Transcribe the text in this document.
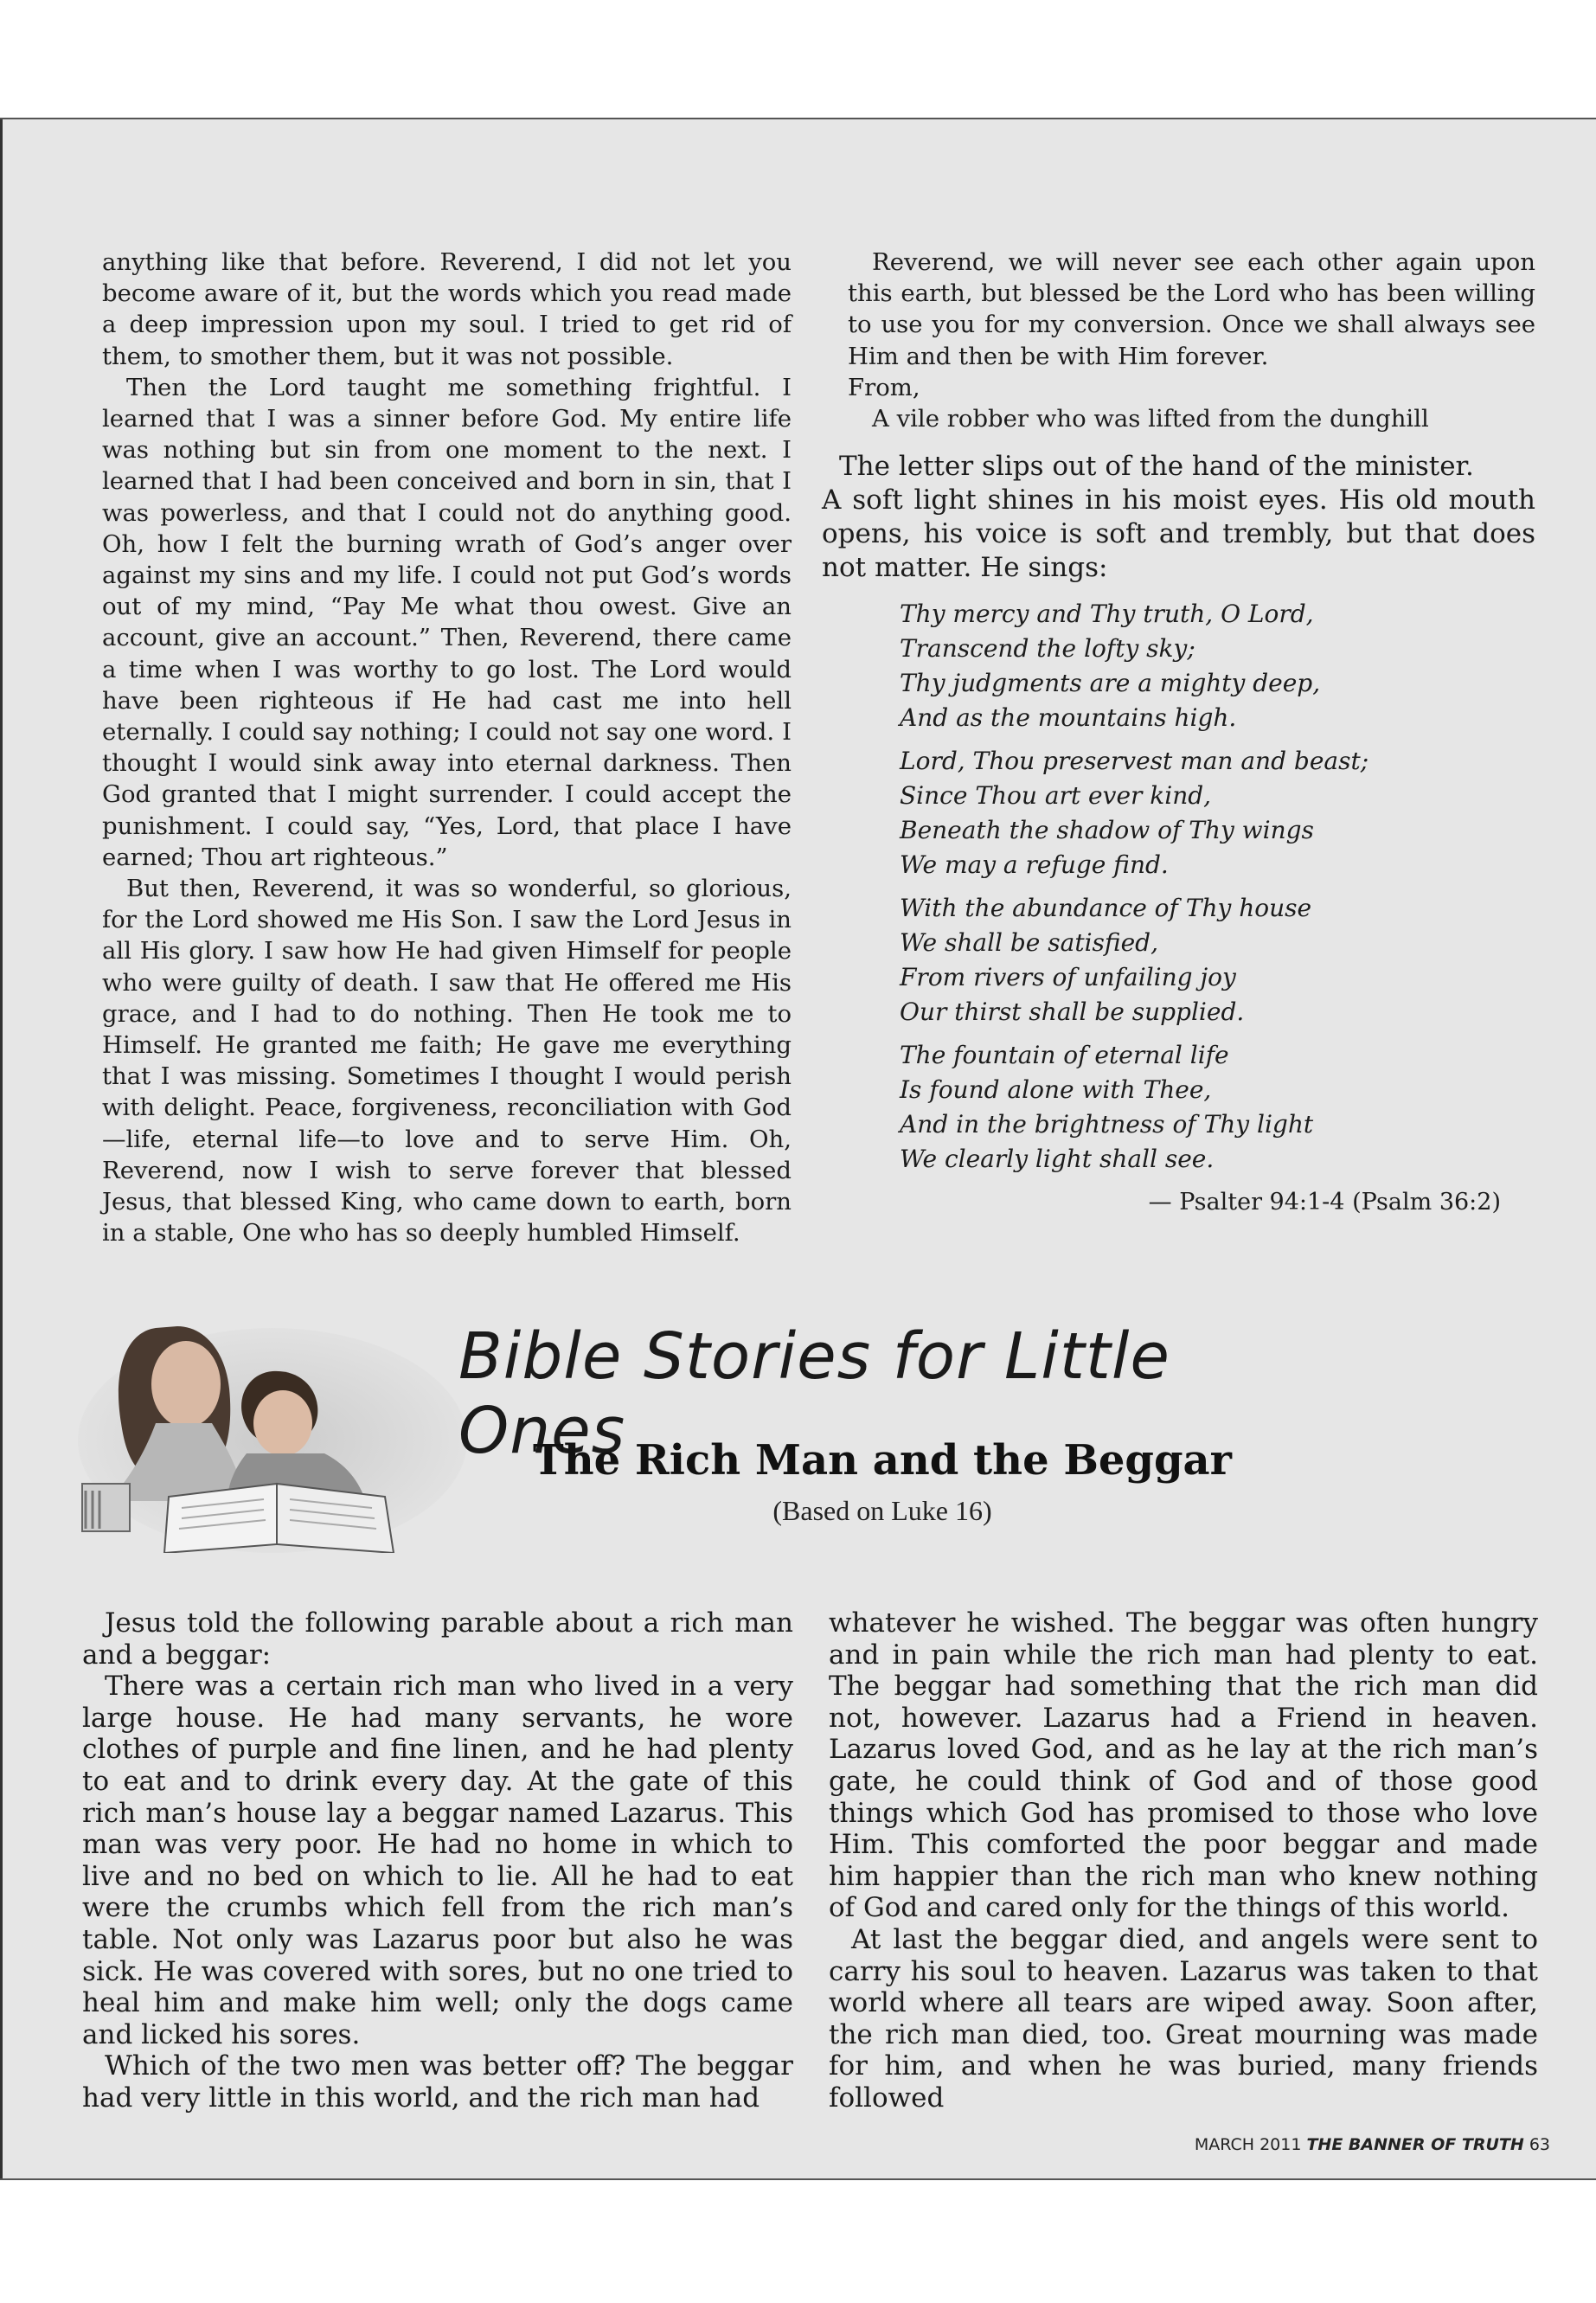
anything like that before. Reverend, I did not let you become aware of it, but the words which you read made a deep impression upon my soul. I tried to get rid of them, to smother them, but it was not possible.

Then the Lord taught me something frightful. I learned that I was a sinner before God. My entire life was nothing but sin from one moment to the next. I learned that I had been conceived and born in sin, that I was powerless, and that I could not do anything good. Oh, how I felt the burning wrath of God’s anger over against my sins and my life. I could not put God’s words out of my mind, “Pay Me what thou owest. Give an account, give an account.” Then, Reverend, there came a time when I was worthy to go lost. The Lord would have been righteous if He had cast me into hell eternally. I could say nothing; I could not say one word. I thought I would sink away into eternal darkness. Then God granted that I might surrender. I could accept the punishment. I could say, “Yes, Lord, that place I have earned; Thou art righteous.”

But then, Reverend, it was so wonderful, so glorious, for the Lord showed me His Son. I saw the Lord Jesus in all His glory. I saw how He had given Himself for people who were guilty of death. I saw that He offered me His grace, and I had to do nothing. Then He took me to Himself. He granted me faith; He gave me everything that I was missing. Sometimes I thought I would perish with delight. Peace, forgiveness, reconciliation with God—life, eternal life—to love and to serve Him. Oh, Reverend, now I wish to serve forever that blessed Jesus, that blessed King, who came down to earth, born in a stable, One who has so deeply humbled Himself.

Reverend, we will never see each other again upon this earth, but blessed be the Lord who has been willing to use you for my conversion. Once we shall always see Him and then be with Him forever.

From,

A vile robber who was lifted from the dunghill

The letter slips out of the hand of the minister.

A soft light shines in his moist eyes. His old mouth opens, his voice is soft and trembly, but that does not matter. He sings:

Thy mercy and Thy truth, O Lord,
Transcend the lofty sky;
Thy judgments are a mighty deep,
And as the mountains high.
Lord, Thou preservest man and beast;
Since Thou art ever kind,
Beneath the shadow of Thy wings
We may a refuge find.
With the abundance of Thy house
We shall be satisfied,
From rivers of unfailing joy
Our thirst shall be supplied.
The fountain of eternal life
Is found alone with Thee,
And in the brightness of Thy light
We clearly light shall see.
— Psalter 94:1-4 (Psalm 36:2)
Bible Stories for Little Ones
The Rich Man and the Beggar
(Based on Luke 16)

Jesus told the following parable about a rich man and a beggar:

There was a certain rich man who lived in a very large house. He had many servants, he wore clothes of purple and fine linen, and he had plenty to eat and to drink every day. At the gate of this rich man’s house lay a beggar named Lazarus. This man was very poor. He had no home in which to live and no bed on which to lie. All he had to eat were the crumbs which fell from the rich man’s table. Not only was Lazarus poor but also he was sick. He was covered with sores, but no one tried to heal him and make him well; only the dogs came and licked his sores.

Which of the two men was better off? The beggar had very little in this world, and the rich man had

whatever he wished. The beggar was often hungry and in pain while the rich man had plenty to eat. The beggar had something that the rich man did not, however. Lazarus had a Friend in heaven. Lazarus loved God, and as he lay at the rich man’s gate, he could think of God and of those good things which God has promised to those who love Him. This comforted the poor beggar and made him happier than the rich man who knew nothing of God and cared only for the things of this world.

At last the beggar died, and angels were sent to carry his soul to heaven. Lazarus was taken to that world where all tears are wiped away. Soon after, the rich man died, too. Great mourning was made for him, and when he was buried, many friends followed

MARCH 2011 THE BANNER OF TRUTH 63
